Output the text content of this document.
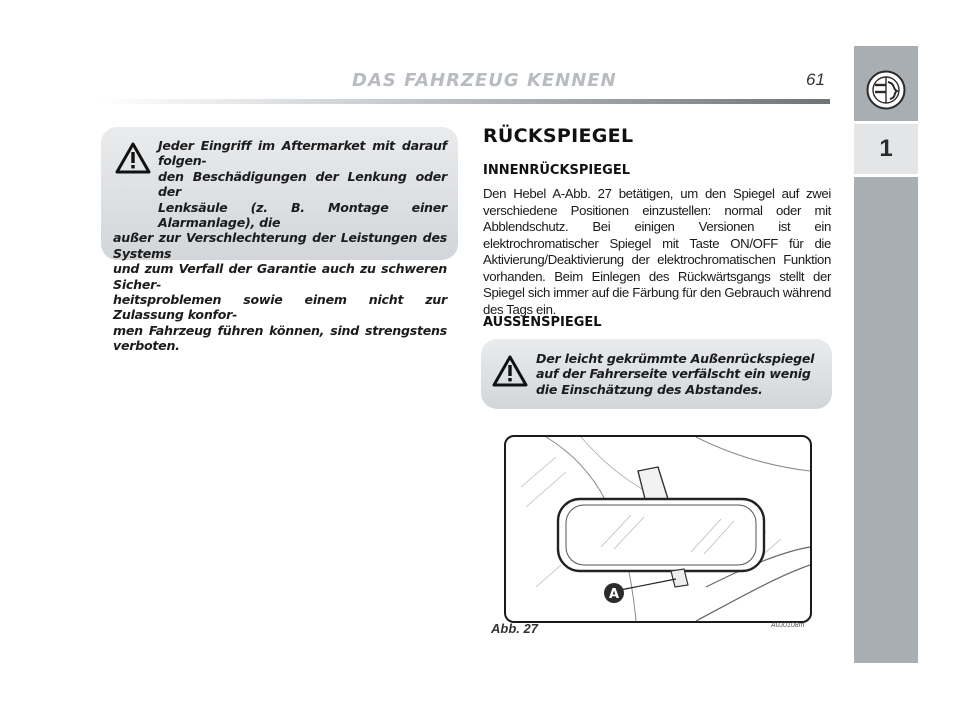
DAS FAHRZEUG KENNEN	61
1
Jeder Eingriff im Aftermarket mit darauf folgen-
den Beschädigungen der Lenkung oder der
Lenksäule (z. B. Montage einer Alarmanlage), die
außer zur Verschlechterung der Leistungen des Systems
und zum Verfall der Garantie auch zu schweren Sicher-
heitsproblemen sowie einem nicht zur Zulassung konfor-
men Fahrzeug führen können, sind strengstens verboten.
RÜCKSPIEGEL
INNENRÜCKSPIEGEL
Den Hebel A-Abb. 27 betätigen, um den Spiegel auf zwei verschiedene Positionen einzustellen: normal oder mit Abblendschutz. Bei einigen Versionen ist ein elektrochromatischer Spiegel mit Taste ON/OFF für die Aktivierung/Deaktivierung der elektrochromatischen Funktion vorhanden. Beim Einlegen des Rückwärtsgangs stellt der Spiegel sich immer auf die Färbung für den Gebrauch während des Tags ein.
AUSSENSPIEGEL
Der leicht gekrümmte Außenrückspiegel auf der Fahrerseite verfälscht ein wenig die Einschätzung des Abstandes.
A
Abb. 27	A0J0108m
